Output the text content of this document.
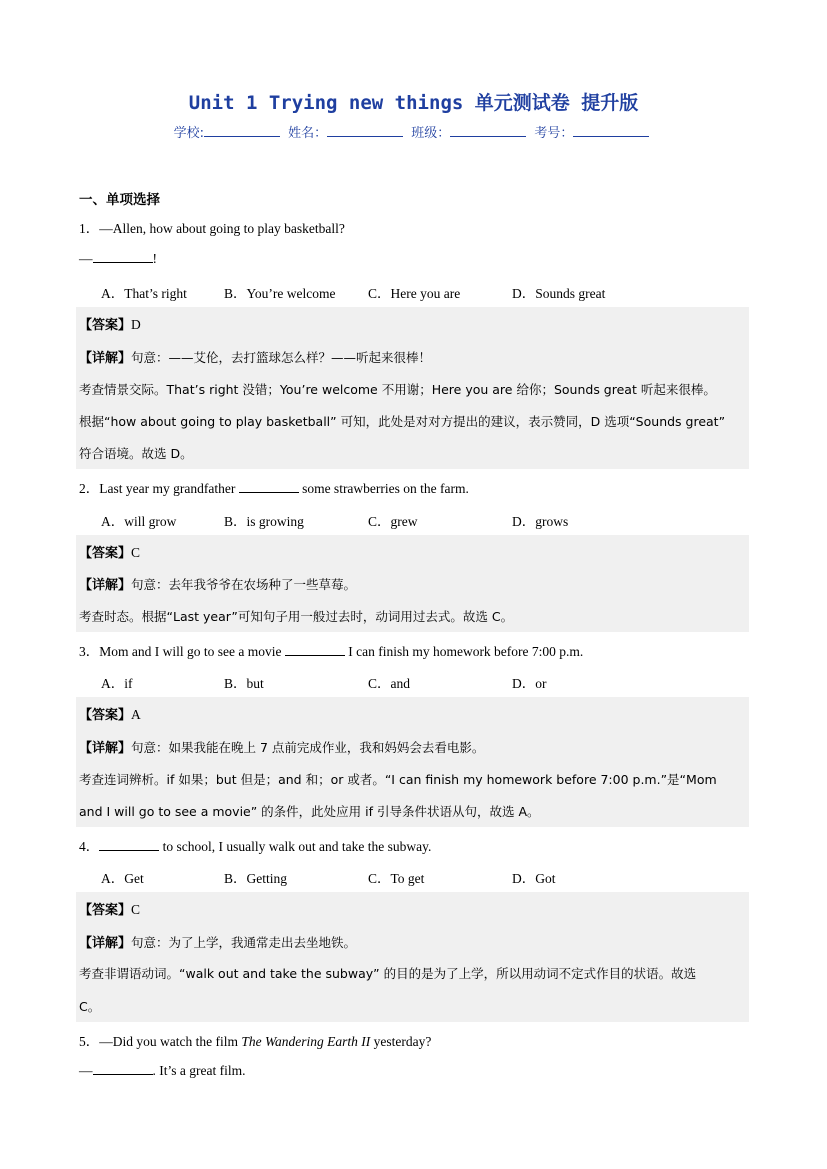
Unit 1 Trying new things 单元测试卷 提升版
学校:	姓名：	班级：	考号：
一、单项选择
1．—Allen, how about going to play basketball?
—	!
A．That’s right	B．You’re welcome C．Here you are	D．Sounds great
【答案】D
【详解】句意：——艾伦，去打篮球怎么样？——听起来很棒！
考查情景交际。That’s right 没错；You’re welcome 不用谢；Here you are 给你；Sounds great 听起来很棒。
根据“how about going to play basketball” 可知，此处是对对方提出的建议，表示赞同，D 选项“Sounds great”
符合语境。故选 D。
2．Last year my grandfather	some strawberries on the farm.
A．will grow	B．is growing	C．grew	D．grows
【答案】C
【详解】句意：去年我爷爷在农场种了一些草莓。
考查时态。根据“Last year”可知句子用一般过去时，动词用过去式。故选 C。
3．Mom and I will go to see a movie	I can finish my homework before 7:00 p.m.
A．if	B．but	C．and	D．or
【答案】A
【详解】句意：如果我能在晚上 7 点前完成作业，我和妈妈会去看电影。
考查连词辨析。if 如果；but 但是；and 和；or 或者。“I can finish my homework before 7:00 p.m.”是“Mom
and I will go to see a movie” 的条件，此处应用 if 引导条件状语从句，故选 A。
4．	to school, I usually walk out and take the subway.
A．Get	B．Getting	C．To get	D．Got
【答案】C
【详解】句意：为了上学，我通常走出去坐地铁。
考查非谓语动词。“walk out and take the subway” 的目的是为了上学，所以用动词不定式作目的状语。故选
C。
5．—Did you watch the film The Wandering Earth II yesterday?
—	. It’s a great film.
